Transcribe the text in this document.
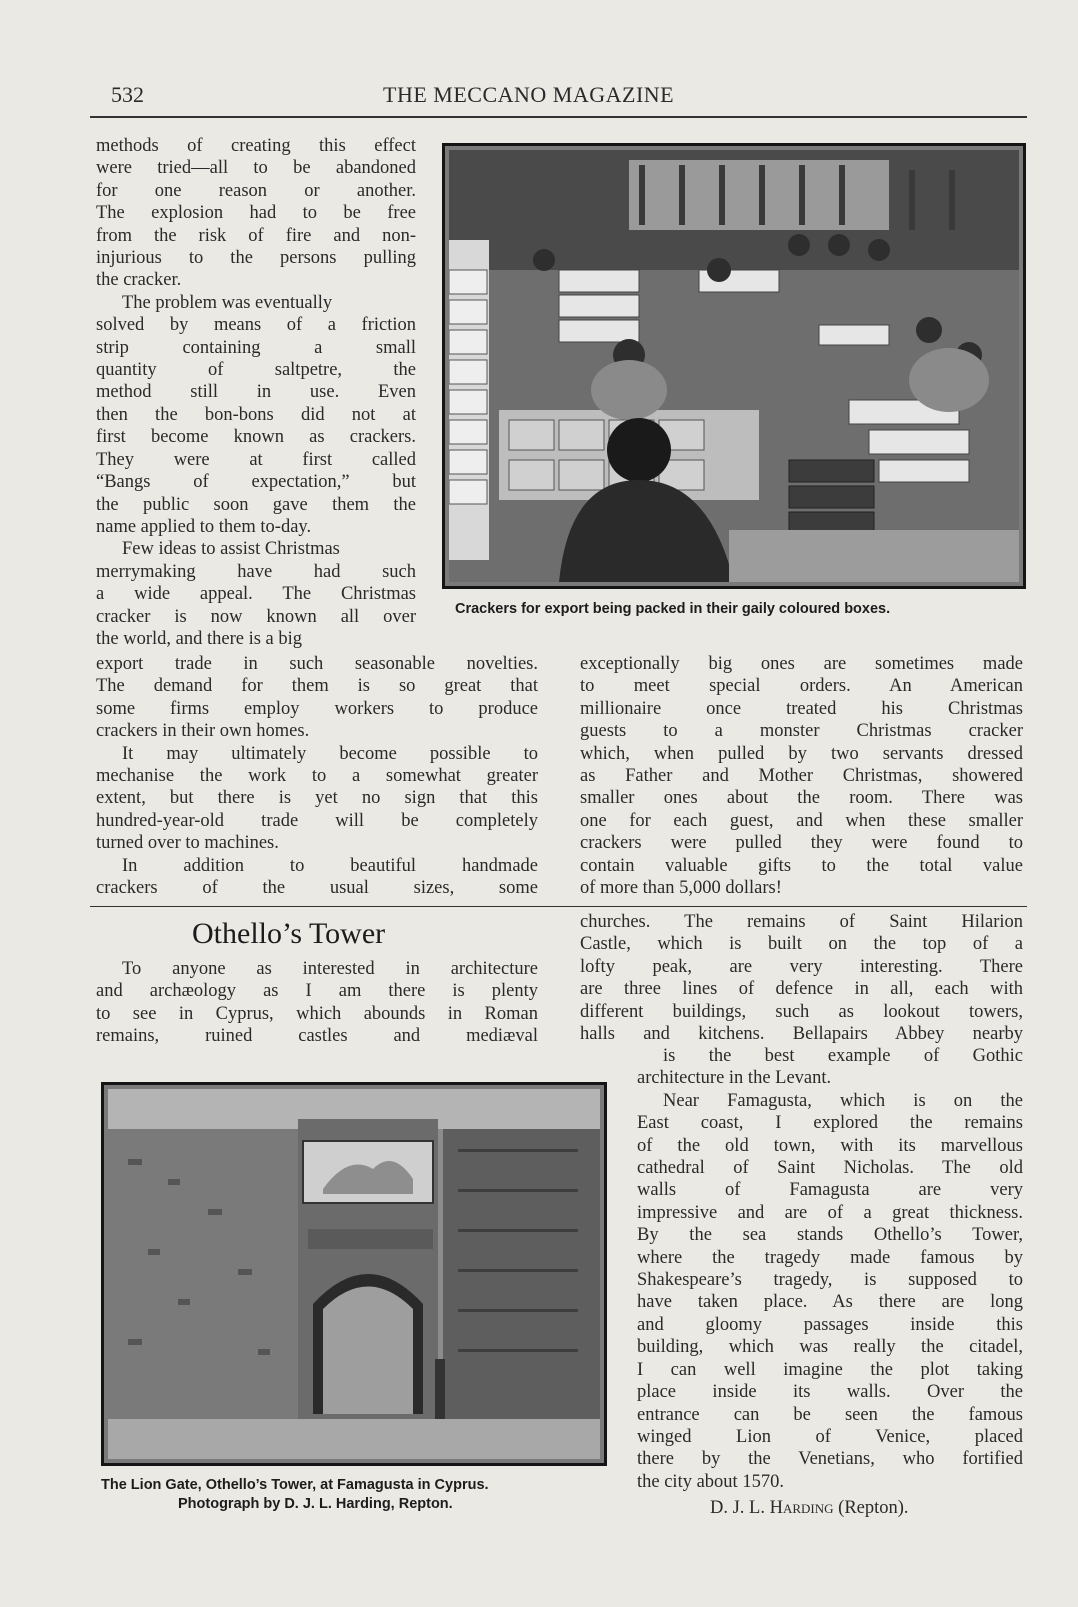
532	THE MECCANO MAGAZINE

methods of creating this effect

were tried—all to be abandoned

for one reason or another.

The explosion had to be free

from the risk of fire and non-

injurious to the persons pulling

the cracker.

The problem was eventually

solved by means of a friction

strip containing a small

quantity of saltpetre, the

method still in use. Even

then the bon-bons did not at

first become known as crackers.

They were at first called

“Bangs of expectation,” but

the public soon gave them the

name applied to them to-day.

Few ideas to assist Christmas

merrymaking have had such

a wide appeal. The Christmas

cracker is now known all over

the world, and there is a big

Crackers for export being packed in their gaily coloured boxes.

export trade in such seasonable novelties.

The demand for them is so great that

some firms employ workers to produce

crackers in their own homes.

It may ultimately become possible to

mechanise the work to a somewhat greater

extent, but there is yet no sign that this

hundred-year-old trade will be completely

turned over to machines.

In addition to beautiful handmade

crackers of the usual sizes, some

exceptionally big ones are sometimes made

to meet special orders. An American

millionaire once treated his Christmas

guests to a monster Christmas cracker

which, when pulled by two servants dressed

as Father and Mother Christmas, showered

smaller ones about the room. There was

one for each guest, and when these smaller

crackers were pulled they were found to

contain valuable gifts to the total value

of more than 5,000 dollars!

Othello’s Tower

To anyone as interested in architecture

and archæology as I am there is plenty

to see in Cyprus, which abounds in Roman

remains, ruined castles and mediæval

churches. The remains of Saint Hilarion

Castle, which is built on the top of a

lofty peak, are very interesting. There

are three lines of defence in all, each with

different buildings, such as lookout towers,

halls and kitchens. Bellapairs Abbey nearby

is the best example of Gothic

architecture in the Levant.

Near Famagusta, which is on the

East coast, I explored the remains

of the old town, with its marvellous

cathedral of Saint Nicholas. The old

walls of Famagusta are very

impressive and are of a great thickness.

By the sea stands Othello’s Tower,

where the tragedy made famous by

Shakespeare’s tragedy, is supposed to

have taken place. As there are long

and gloomy passages inside this

building, which was really the citadel,

I can well imagine the plot taking

place inside its walls. Over the

entrance can be seen the famous

winged Lion of Venice, placed

there by the Venetians, who fortified

the city about 1570.

D. J. L. Harding (Repton).
The Lion Gate, Othello’s Tower, at Famagusta in Cyprus.
Photograph by D. J. L. Harding, Repton.
